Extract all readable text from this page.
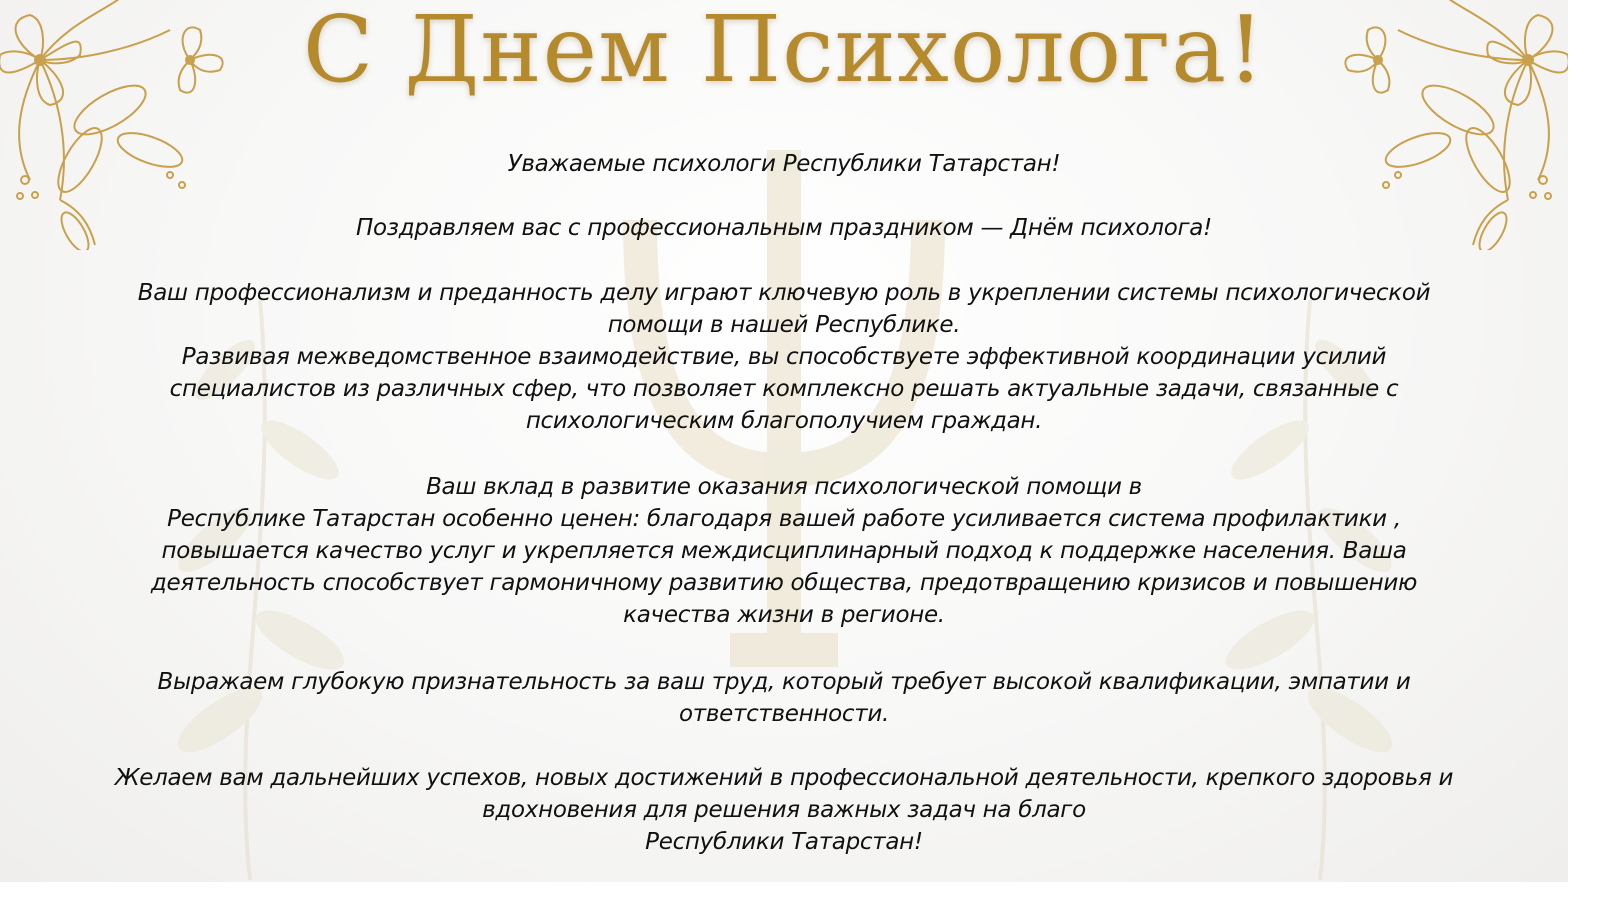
С Днем Психолога!
Уважаемые психологи Республики Татарстан!
Поздравляем вас с профессиональным праздником — Днём психолога!
Ваш профессионализм и преданность делу играют ключевую роль в укреплении системы психологической
помощи в нашей Республике.
Развивая межведомственное взаимодействие, вы способствуете эффективной координации усилий
специалистов из различных сфер, что позволяет комплексно решать актуальные задачи, связанные с
психологическим благополучием граждан.
Ваш вклад в развитие оказания психологической помощи в
Республике Татарстан особенно ценен: благодаря вашей работе усиливается система профилактики ,
повышается качество услуг и укрепляется междисциплинарный подход к поддержке населения. Ваша
деятельность способствует гармоничному развитию общества, предотвращению кризисов и повышению
качества жизни в регионе.
Выражаем глубокую признательность за ваш труд, который требует высокой квалификации, эмпатии и
ответственности.
Желаем вам дальнейших успехов, новых достижений в профессиональной деятельности, крепкого здоровья и
вдохновения для решения важных задач на благо
Республики Татарстан!
